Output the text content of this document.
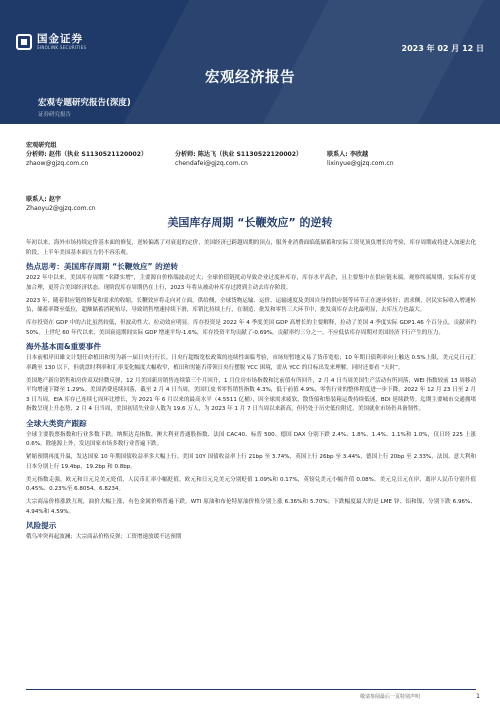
国金证券
SINOLINK SECURITIES	2023 年 02 月 12 日
宏观经济报告
宏观专题研究报告(深度)
证券研究报告
宏观研究组
分析师: 赵伟（执业 S1130521120002）	分析师: 陈达飞（执业 S1130522120002）	联系人: 李欣越
zhaow@gjzq.com.cn	chendafei@gjzq.com.cn	lixinyue@gjzq.com.cn
联系人: 赵宇
Zhaoyu2@gjzq.com.cn
美国库存周期 “长鞭效应” 的逆转

年初以来，海外市场持续定价基本面的修复，逆转偏离了对衰退的定价，美国经济已跨越周期的顶点，服务业消费面临低储蓄和实际工资见顶负增长的考验，库存周期或将进入加速去化阶段，上半年美国基本面压力仍不容乐观。

热点思考：美国库存周期 “长鞭效应” 的逆转

2022 年中以来，美国库存周期 “名降实增”，主要源自价格端波动过大；全球价值链扰动导致企业过度补库存，库存水平高企，且主要集中在供应链末端。观察终端周期，实际库存更加合理，更符合美国经济状态。现阶段库存周期仍在上行，2023 年将从被动补库存过渡到主动去库存阶段。

2023 年，随着供应链的修复和需求的收缩，长鞭效应将走向对立面。供给侧，全球货物运输、运价、运输速度及美国自身的供应链等环节正在逐步转好；需求侧，居民实际收入增速转负，储蓄率降至低位，超额储蓄消耗殆尽，导致销售增速持续下滑，库销比持续上行，在制造、批发和零售三大环节中，批发商库存去化最明显，去库压力也最大。

库存投资在 GDP 中的占比虽然较低，但波动性大、拉动效应明显。库存投资是 2022 年 4 季度美国 GDP 高增长的主要解释，拉动了美国 4 季度实际 GDP1.46 个百分点，贡献率约 50%。上世纪 60 年代以来，美国衰退期间实际 GDP 增速平均-1.6%，库存投资平均贡献了-0.69%，贡献率约三分之一，不应低估库存周期对美国经济下行产生的压力。

海外基本面&重要事件

日本前相岸田雄文计划任命植田和男为新一届日央行行长。日央行超级宽松政策的连续性面临考验，市场短暂地又易了货币宽松；10 年期日债利率向上触达 0.5%上限，美元兑日元汇率跳至 130 以下，但就盘时利率和汇率变化幅度大幅收窄，植田和男能否带领日央行摆脱 YCC 困境，需从 YCC 的目标出发来理解，同时还要看 “天时”。

美国地产新房销售和房价双双轻微反弹，12 月美国新房销售连续第三个月回升，1 月住房市场指数和比前值有所回升，2 月 4 日当周美国生产活动有所回落，WEI 指数较前 13 周移动平均增速下降至 1.29%。美国消费延续回落，截至 2 月 4 日当周，美国红皮书零售销售指数 4.3%，低于前值 4.9%，零售行业的整体程度进一步下降。2022 年 12 月 23 日至 2 月 3 日当周，EIA 库存已连续七周环比增长，为 2021 年 6 月以来的最高水平（4.5511 亿桶），因全球需求疲软，散货船和集装箱运费持续低迷，BDI 延续跌势。迄期主要城市交通拥堵指数呈现上升态势，2 月 4 日当周，美国初请失业金人数为 19.6 万人，为 2023 年 1 月 7 日当周以来新高，但仍处于历史低位附近，美国就业市场仍具备韧性。

全球大类资产跟踪

全球主要股票指数和行业多数下跌。纳斯达克指数、澳大利亚普通股指数、法国 CAC40、标普 500、德国 DAX 分别下跌 2.4%、1.8%、1.4%、1.1%和 1.0%，仅日经 225 上涨 0.6%。除能源上外，发达国家市场多数行业普遍下跌。

紧缩预期再度升温，发达国家 10 年期国债收益率多大幅上行。美国 10Y 国债收益率上行 21bp 至 3.74%，英国上行 26bp 至 3.44%，德国上行 20bp 至 2.33%，法国、意大利和日本分别上行 19.4bp、19.2bp 和 0.8bp。

美元指数走强，欧元和日元兑美元贬值，人民币汇率小幅贬值。欧元和日元兑美元分别贬值 1.09%和 0.17%，英镑兑美元小幅升值 0.08%。美元兑日元在岸、离岸人民币分别升值 0.45%、0.23%至 6.8054、6.8234。

大宗商品价格涨跌互现，油价大幅上涨，有色金属价格普遍下跌。WTI 原油和布伦特原油价格分别上涨 6.36%和 5.70%；下跌幅度最大的是 LME 锌、铝和镍，分别下跌 6.96%、4.94%和 4.59%。

风险提示

俄乌冲突再起波澜；大宗商品价格反弹；工资增速放缓不达预期

敬请参阅最后一页特别声明	1
